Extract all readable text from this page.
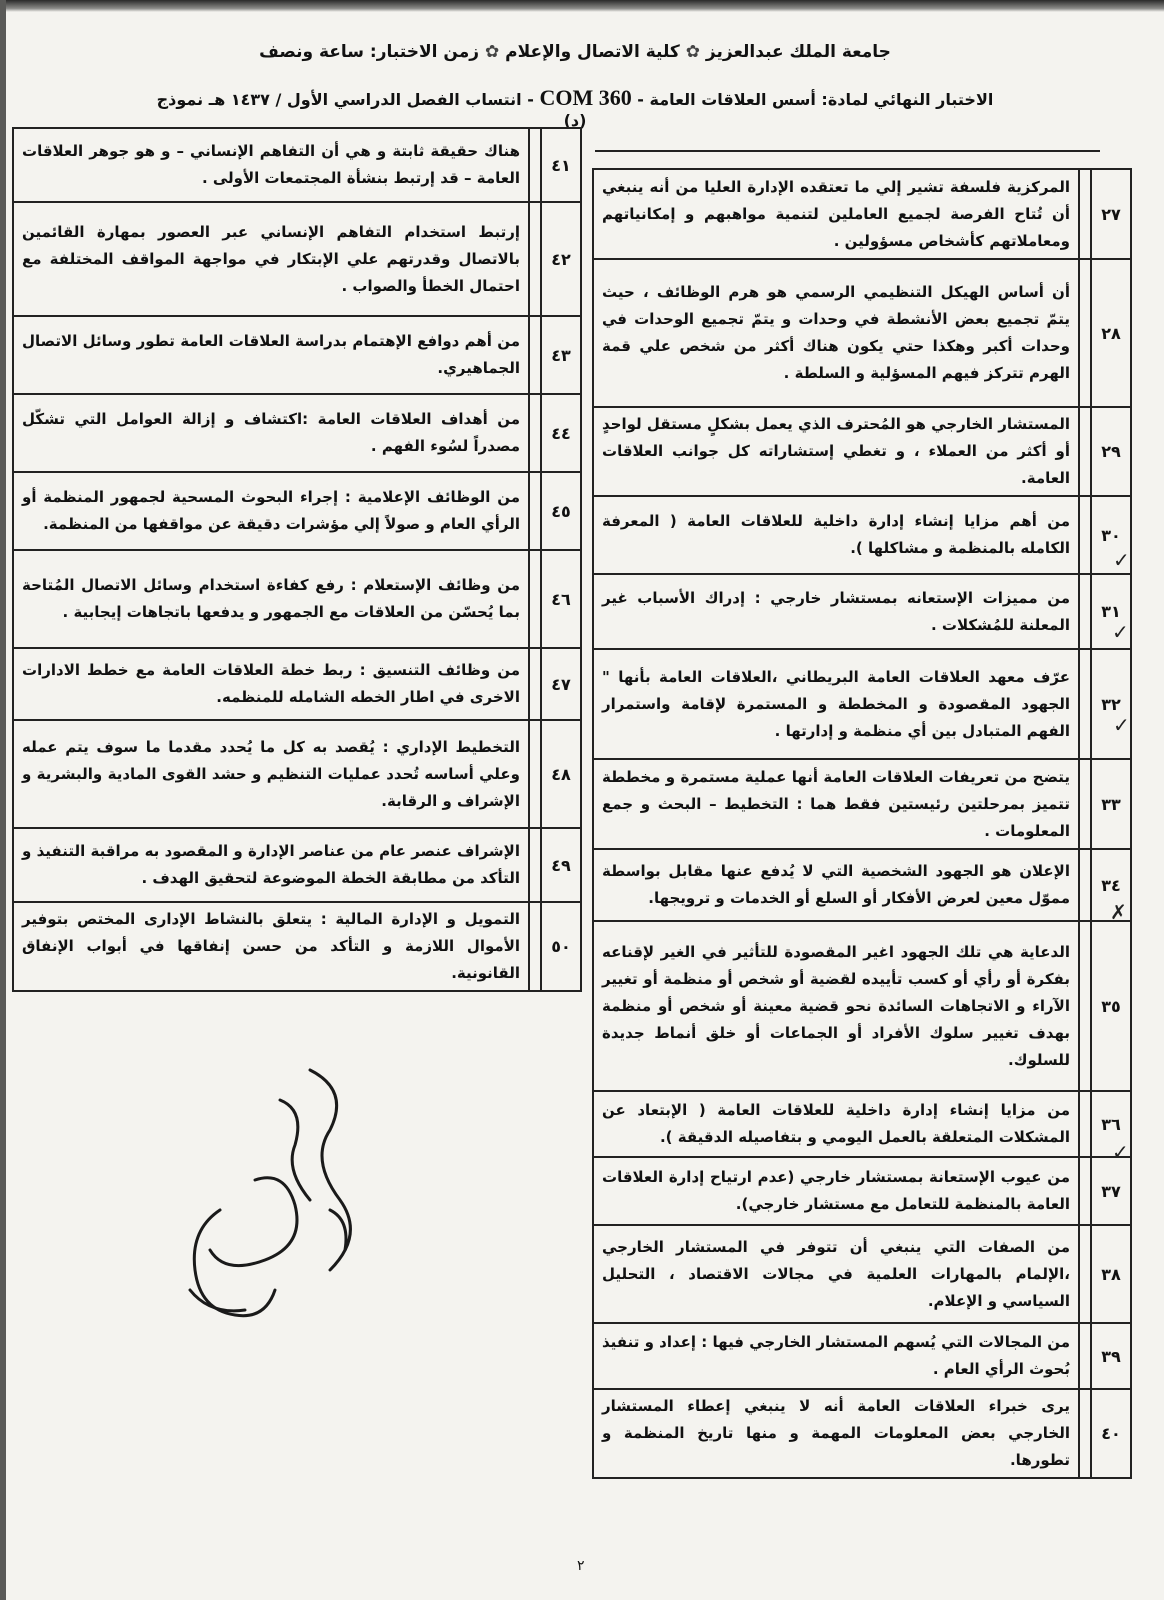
جامعة الملك عبدالعزيز ✿ كلية الاتصال والإعلام ✿ زمن الاختبار: ساعة ونصف
الاختبار النهائي لمادة: أسس العلاقات العامة - COM 360 - انتساب الفصل الدراسي الأول / ١٤٣٧ هـ نموذج (د)
٢٧		المركزية فلسفة تشير إلي ما تعتقده الإدارة العليا من أنه ينبغي أن تُتاح الفرصة لجميع العاملين لتنمية مواهبهم و إمكانياتهم ومعاملاتهم كأشخاص مسؤولين .
٢٨		أن أساس الهيكل التنظيمي الرسمي هو هرم الوظائف ، حيث يتمّ تجميع بعض الأنشطة في وحدات و يتمّ تجميع الوحدات في وحدات أكبر وهكذا حتي يكون هناك أكثر من شخص علي قمة الهرم تتركز فيهم المسؤلية و السلطة .
٢٩		المستشار الخارجي هو المُحترف الذي يعمل بشكلٍ مستقل لواحدٍ أو أكثر من العملاء ، و تغطي إستشاراته كل جوانب العلاقات العامة.
٣٠		من أهم مزايا إنشاء إدارة داخلية للعلاقات العامة ( المعرفة الكامله بالمنظمة و مشاكلها ).
٣١		من مميزات الإستعانه بمستشار خارجي : إدراك الأسباب غير المعلنة للمُشكلات .
٣٢		عرّف معهد العلاقات العامة البريطاني ،العلاقات العامة بأنها " الجهود المقصودة و المخططة و المستمرة لإقامة واستمرار الفهم المتبادل بين أي منظمة و إدارتها .
٣٣		يتضح من تعريفات العلاقات العامة أنها عملية مستمرة و مخططة تتميز بمرحلتين رئيستين فقط هما : التخطيط – البحث و جمع المعلومات .
٣٤		الإعلان هو الجهود الشخصية التي لا يُدفع عنها مقابل بواسطة مموّل معين لعرض الأفكار أو السلع أو الخدمات و ترويجها.
٣٥		الدعاية هي تلك الجهود اغير المقصودة للتأثير في الغير لإقناعه بفكرة أو رأي أو كسب تأييده لقضية أو شخص أو منظمة أو تغيير الآراء و الاتجاهات السائدة نحو قضية معينة أو شخص أو منظمة بهدف تغيير سلوك الأفراد أو الجماعات أو خلق أنماط جديدة للسلوك.
٣٦		من مزايا إنشاء إدارة داخلية للعلاقات العامة ( الإبتعاد عن المشكلات المتعلقة بالعمل اليومي و بتفاصيله الدقيقة ).
٣٧		من عيوب الإستعانة بمستشار خارجي (عدم ارتياح إدارة العلاقات العامة بالمنظمة للتعامل مع مستشار خارجي).
٣٨		من الصفات التي ينبغي أن تتوفر في المستشار الخارجي ،الإلمام بالمهارات العلمية في مجالات الاقتصاد ، التحليل السياسي و الإعلام.
٣٩		من المجالات التي يُسهم المستشار الخارجي فيها : إعداد و تنفيذ بُحوث الرأي العام .
٤٠		يرى خبراء العلاقات العامة أنه لا ينبغي إعطاء المستشار الخارجي بعض المعلومات المهمة و منها تاريخ المنظمة و تطورها.
٤١		هناك حقيقة ثابتة و هي أن التفاهم الإنساني – و هو جوهر العلاقات العامة – قد إرتبط بنشأة المجتمعات الأولى .
٤٢		إرتبط استخدام التفاهم الإنساني عبر العصور بمهارة القائمين بالاتصال وقدرتهم علي الإبتكار في مواجهة المواقف المختلفة مع احتمال الخطأ والصواب .
٤٣		من أهم دوافع الإهتمام بدراسة العلاقات العامة تطور وسائل الاتصال الجماهيري.
٤٤		من أهداف العلاقات العامة :اكتشاف و إزالة العوامل التي تشكّل مصدراً لسُوء الفهم .
٤٥		من الوظائف الإعلامية : إجراء البحوث المسحية لجمهور المنظمة أو الرأي العام و صولاً إلي مؤشرات دقيقة عن مواقفها من المنظمة.
٤٦		من وظائف الإستعلام : رفع كفاءة استخدام وسائل الاتصال المُتاحة بما يُحسّن من العلاقات مع الجمهور و يدفعها باتجاهات إيجابية .
٤٧		من وظائف التنسيق : ربط خطة العلاقات العامة مع خطط الادارات الاخرى في اطار الخطه الشامله للمنظمه.
٤٨		التخطيط الإداري : يُقصد به كل ما يُحدد مقدما ما سوف يتم عمله وعلي أساسه تُحدد عمليات التنظيم و حشد القوى المادية والبشرية و الإشراف و الرقابة.
٤٩		الإشراف عنصر عام من عناصر الإدارة و المقصود به مراقبة التنفيذ و التأكد من مطابقة الخطة الموضوعة لتحقيق الهدف .
٥٠		التمويل و الإدارة المالية : يتعلق بالنشاط الإدارى المختص بتوفير الأموال اللازمة و التأكد من حسن إنفاقها في أبواب الإنفاق القانونية.
✓
✓
✓
✗
✓
٢
